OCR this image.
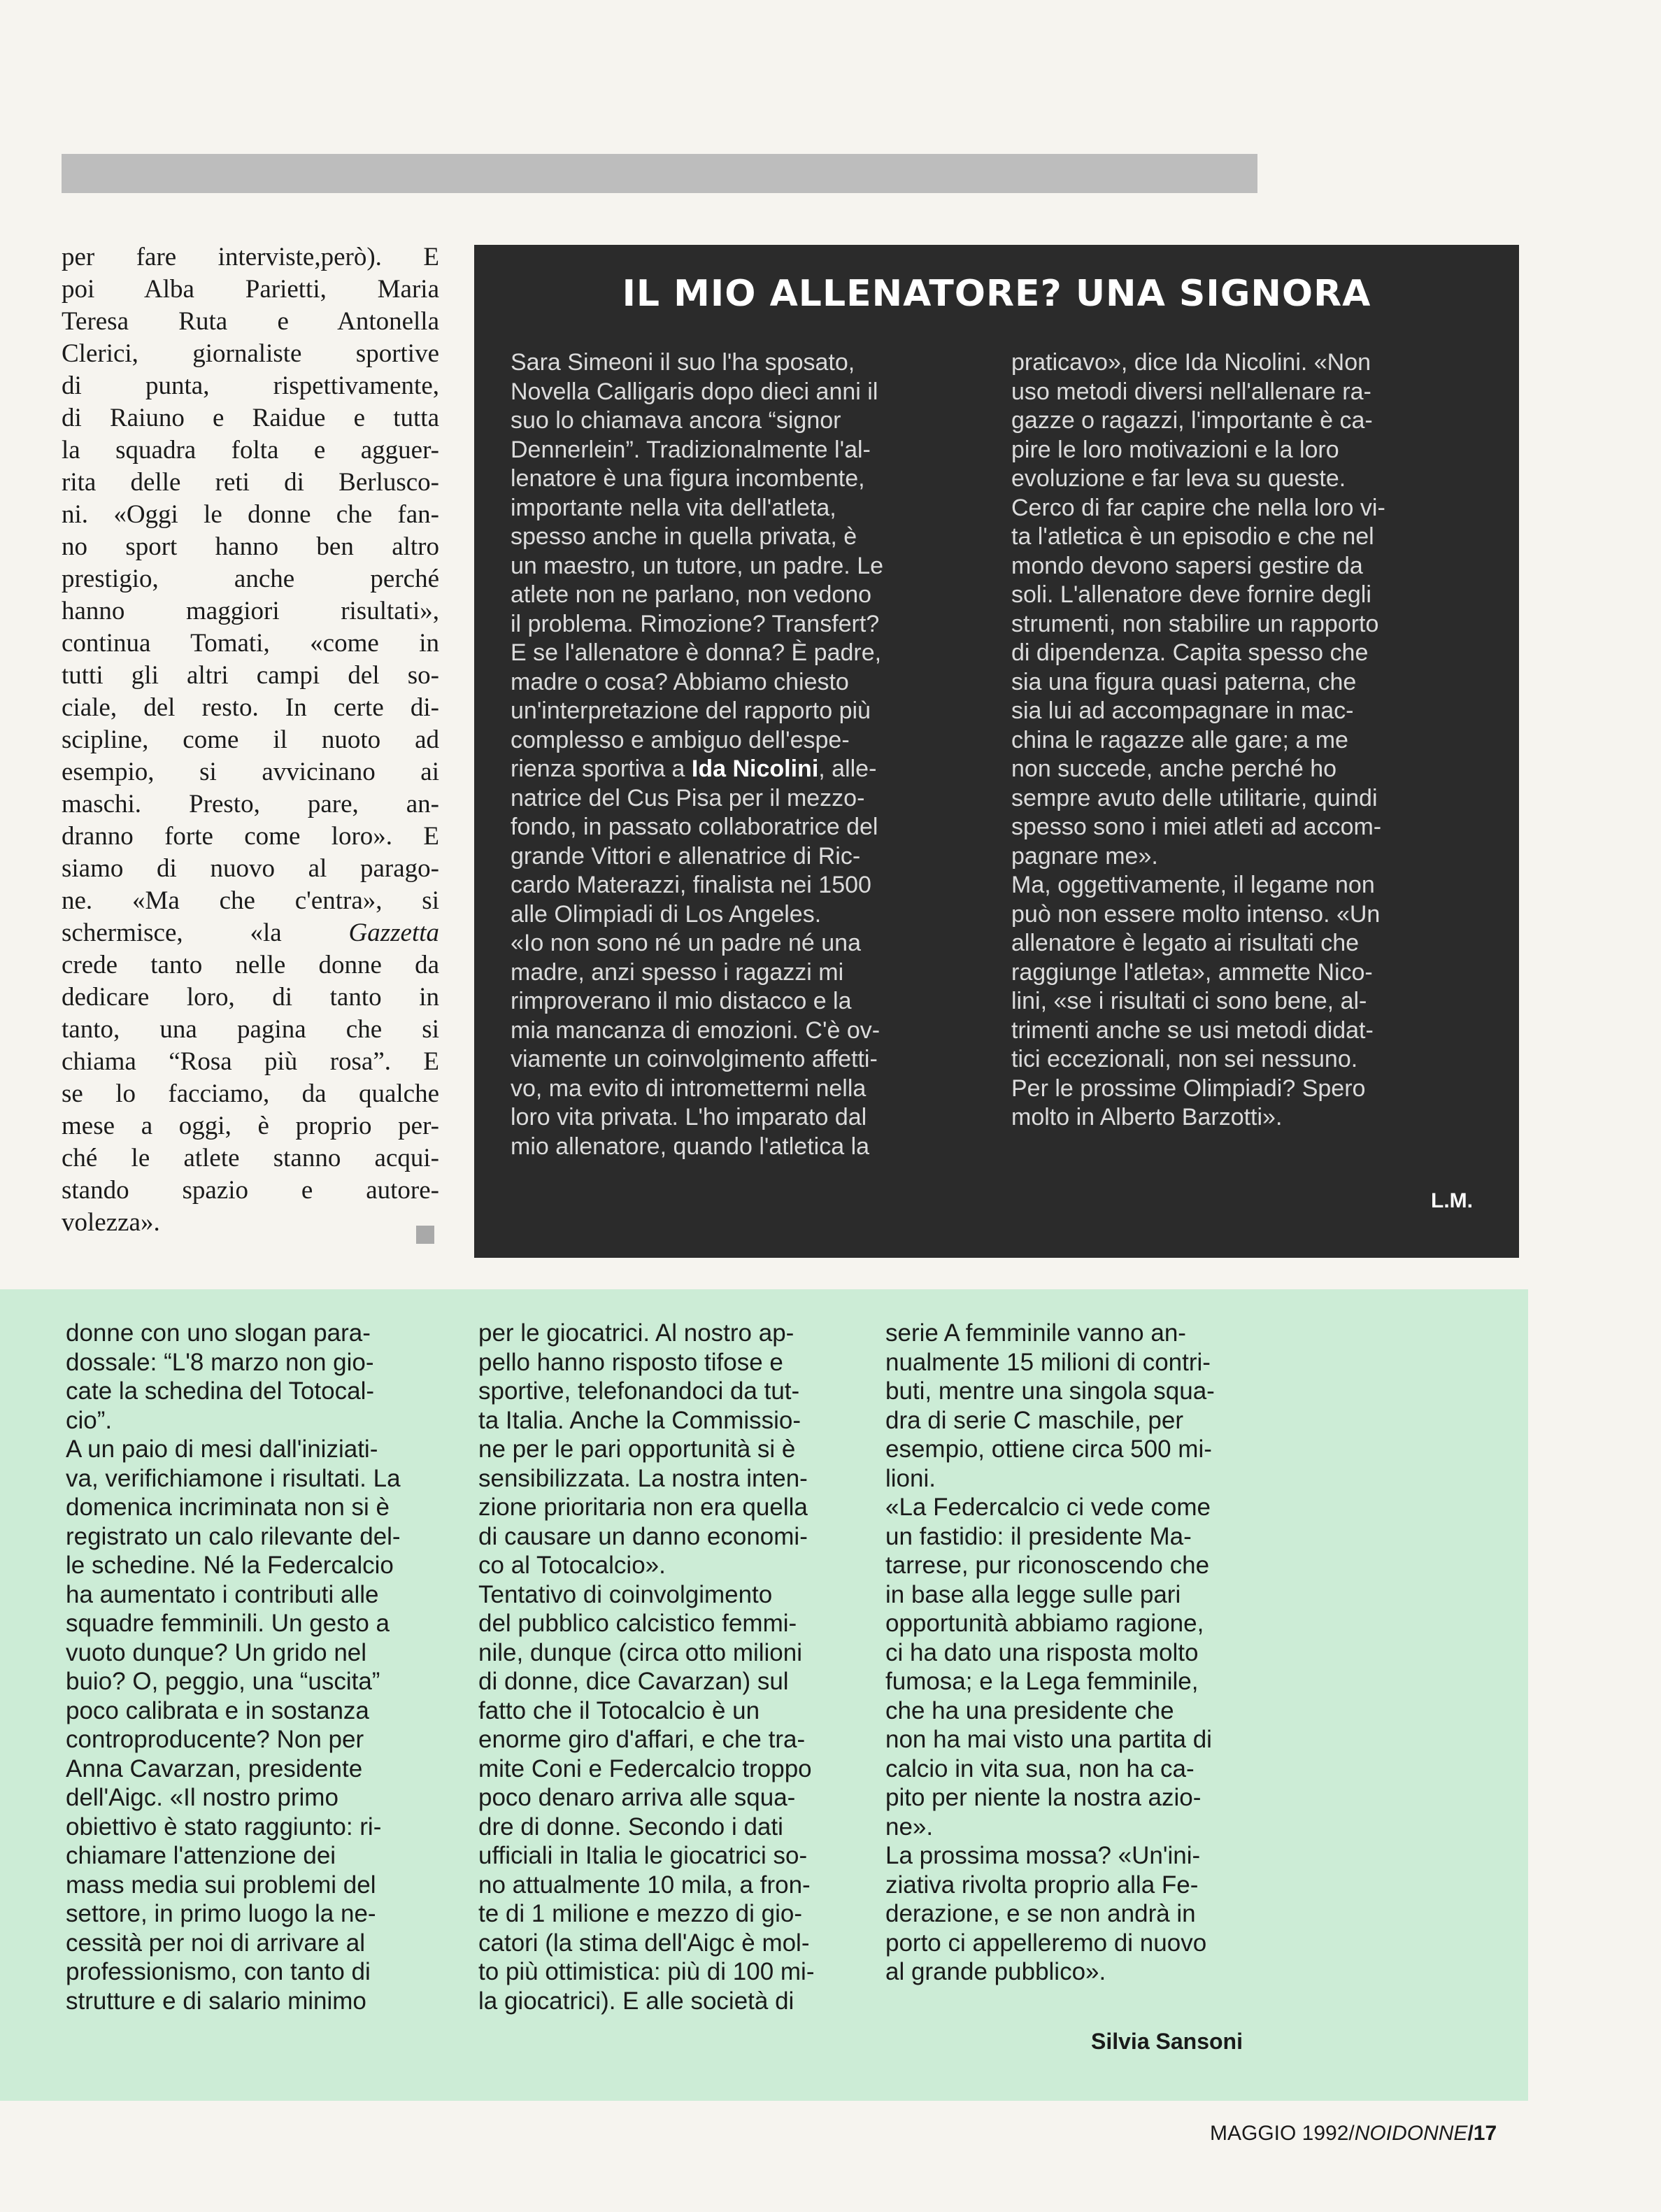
per fare interviste,però). E
poi Alba Parietti, Maria
Teresa Ruta e Antonella
Clerici, giornaliste sportive
di punta, rispettivamente,
di Raiuno e Raidue e tutta
la squadra folta e agguer-
rita delle reti di Berlusco-
ni. «Oggi le donne che fan-
no sport hanno ben altro
prestigio, anche perché
hanno maggiori risultati»,
continua Tomati, «come in
tutti gli altri campi del so-
ciale, del resto. In certe di-
scipline, come il nuoto ad
esempio, si avvicinano ai
maschi. Presto, pare, an-
dranno forte come loro». E
siamo di nuovo al parago-
ne. «Ma che c'entra», si
schermisce, «la Gazzetta
crede tanto nelle donne da
dedicare loro, di tanto in
tanto, una pagina che si
chiama “Rosa più rosa”. E
se lo facciamo, da qualche
mese a oggi, è proprio per-
ché le atlete stanno acqui-
stando spazio e autore-
volezza».
IL MIO ALLENATORE? UNA SIGNORA
Sara Simeoni il suo l'ha sposato,
Novella Calligaris dopo dieci anni il
suo lo chiamava ancora “signor
Dennerlein”. Tradizionalmente l'al-
lenatore è una figura incombente,
importante nella vita dell'atleta,
spesso anche in quella privata, è
un maestro, un tutore, un padre. Le
atlete non ne parlano, non vedono
il problema. Rimozione? Transfert?
E se l'allenatore è donna? È padre,
madre o cosa? Abbiamo chiesto
un'interpretazione del rapporto più
complesso e ambiguo dell'espe-
rienza sportiva a Ida Nicolini, alle-
natrice del Cus Pisa per il mezzo-
fondo, in passato collaboratrice del
grande Vittori e allenatrice di Ric-
cardo Materazzi, finalista nei 1500
alle Olimpiadi di Los Angeles.
«Io non sono né un padre né una
madre, anzi spesso i ragazzi mi
rimproverano il mio distacco e la
mia mancanza di emozioni. C'è ov-
viamente un coinvolgimento affetti-
vo, ma evito di intromettermi nella
loro vita privata. L'ho imparato dal
mio allenatore, quando l'atletica la
praticavo», dice Ida Nicolini. «Non
uso metodi diversi nell'allenare ra-
gazze o ragazzi, l'importante è ca-
pire le loro motivazioni e la loro
evoluzione e far leva su queste.
Cerco di far capire che nella loro vi-
ta l'atletica è un episodio e che nel
mondo devono sapersi gestire da
soli. L'allenatore deve fornire degli
strumenti, non stabilire un rapporto
di dipendenza. Capita spesso che
sia una figura quasi paterna, che
sia lui ad accompagnare in mac-
china le ragazze alle gare; a me
non succede, anche perché ho
sempre avuto delle utilitarie, quindi
spesso sono i miei atleti ad accom-
pagnare me».
Ma, oggettivamente, il legame non
può non essere molto intenso. «Un
allenatore è legato ai risultati che
raggiunge l'atleta», ammette Nico-
lini, «se i risultati ci sono bene, al-
trimenti anche se usi metodi didat-
tici eccezionali, non sei nessuno.
Per le prossime Olimpiadi? Spero
molto in Alberto Barzotti».
L.M.
donne con uno slogan para-
dossale: “L'8 marzo non gio-
cate la schedina del Totocal-
cio”.
A un paio di mesi dall'iniziati-
va, verifichiamone i risultati. La
domenica incriminata non si è
registrato un calo rilevante del-
le schedine. Né la Federcalcio
ha aumentato i contributi alle
squadre femminili. Un gesto a
vuoto dunque? Un grido nel
buio? O, peggio, una “uscita”
poco calibrata e in sostanza
controproducente? Non per
Anna Cavarzan, presidente
dell'Aigc. «Il nostro primo
obiettivo è stato raggiunto: ri-
chiamare l'attenzione dei
mass media sui problemi del
settore, in primo luogo la ne-
cessità per noi di arrivare al
professionismo, con tanto di
strutture e di salario minimo
per le giocatrici. Al nostro ap-
pello hanno risposto tifose e
sportive, telefonandoci da tut-
ta Italia. Anche la Commissio-
ne per le pari opportunità si è
sensibilizzata. La nostra inten-
zione prioritaria non era quella
di causare un danno economi-
co al Totocalcio».
Tentativo di coinvolgimento
del pubblico calcistico femmi-
nile, dunque (circa otto milioni
di donne, dice Cavarzan) sul
fatto che il Totocalcio è un
enorme giro d'affari, e che tra-
mite Coni e Federcalcio troppo
poco denaro arriva alle squa-
dre di donne. Secondo i dati
ufficiali in Italia le giocatrici so-
no attualmente 10 mila, a fron-
te di 1 milione e mezzo di gio-
catori (la stima dell'Aigc è mol-
to più ottimistica: più di 100 mi-
la giocatrici). E alle società di
serie A femminile vanno an-
nualmente 15 milioni di contri-
buti, mentre una singola squa-
dra di serie C maschile, per
esempio, ottiene circa 500 mi-
lioni.
«La Federcalcio ci vede come
un fastidio: il presidente Ma-
tarrese, pur riconoscendo che
in base alla legge sulle pari
opportunità abbiamo ragione,
ci ha dato una risposta molto
fumosa; e la Lega femminile,
che ha una presidente che
non ha mai visto una partita di
calcio in vita sua, non ha ca-
pito per niente la nostra azio-
ne».
La prossima mossa? «Un'ini-
ziativa rivolta proprio alla Fe-
derazione, e se non andrà in
porto ci appelleremo di nuovo
al grande pubblico».
Silvia Sansoni
MAGGIO 1992/NOIDONNE/17
